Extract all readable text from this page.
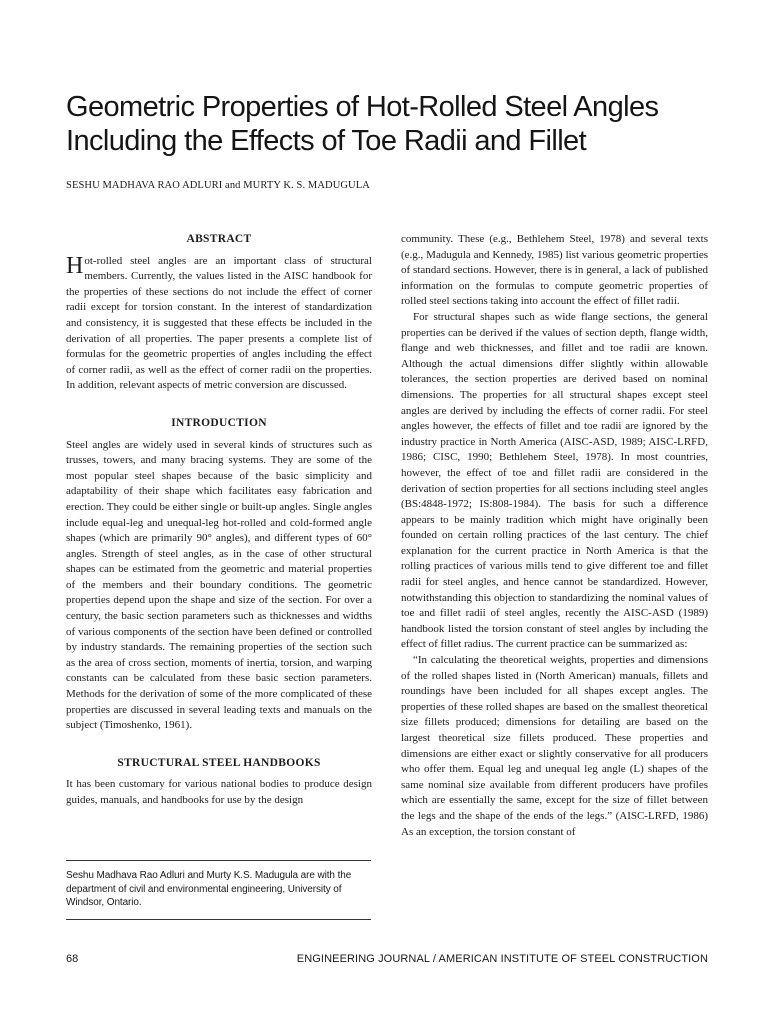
Geometric Properties of Hot-Rolled Steel Angles
Including the Effects of Toe Radii and Fillet

SESHU MADHAVA RAO ADLURI and MURTY K. S. MADUGULA

ABSTRACT

Hot-rolled steel angles are an important class of structural members. Currently, the values listed in the AISC handbook for the properties of these sections do not include the effect of corner radii except for torsion constant. In the interest of standardization and consistency, it is suggested that these effects be included in the derivation of all properties. The paper presents a complete list of formulas for the geometric properties of angles including the effect of corner radii, as well as the effect of corner radii on the properties. In addition, relevant aspects of metric conversion are discussed.

INTRODUCTION

Steel angles are widely used in several kinds of structures such as trusses, towers, and many bracing systems. They are some of the most popular steel shapes because of the basic simplicity and adaptability of their shape which facilitates easy fabrication and erection. They could be either single or built-up angles. Single angles include equal-leg and unequal-leg hot-rolled and cold-formed angle shapes (which are primarily 90° angles), and different types of 60° angles. Strength of steel angles, as in the case of other structural shapes can be estimated from the geometric and material properties of the members and their boundary conditions. The geometric properties depend upon the shape and size of the section. For over a century, the basic section parameters such as thicknesses and widths of various components of the section have been defined or controlled by industry standards. The remaining properties of the section such as the area of cross section, moments of inertia, torsion, and warping constants can be calculated from these basic section parameters. Methods for the derivation of some of the more complicated of these properties are discussed in several leading texts and manuals on the subject (Timoshenko, 1961).

STRUCTURAL STEEL HANDBOOKS

It has been customary for various national bodies to produce design guides, manuals, and handbooks for use by the design

community. These (e.g., Bethlehem Steel, 1978) and several texts (e.g., Madugula and Kennedy, 1985) list various geometric properties of standard sections. However, there is in general, a lack of published information on the formulas to compute geometric properties of rolled steel sections taking into account the effect of fillet radii.

For structural shapes such as wide flange sections, the general properties can be derived if the values of section depth, flange width, flange and web thicknesses, and fillet and toe radii are known. Although the actual dimensions differ slightly within allowable tolerances, the section properties are derived based on nominal dimensions. The properties for all structural shapes except steel angles are derived by including the effects of corner radii. For steel angles however, the effects of fillet and toe radii are ignored by the industry practice in North America (AISC-ASD, 1989; AISC-LRFD, 1986; CISC, 1990; Bethlehem Steel, 1978). In most countries, however, the effect of toe and fillet radii are considered in the derivation of section properties for all sections including steel angles (BS:4848-1972; IS:808-1984). The basis for such a difference appears to be mainly tradition which might have originally been founded on certain rolling practices of the last century. The chief explanation for the current practice in North America is that the rolling practices of various mills tend to give different toe and fillet radii for steel angles, and hence cannot be standardized. However, notwithstanding this objection to standardizing the nominal values of toe and fillet radii of steel angles, recently the AISC-ASD (1989) handbook listed the torsion constant of steel angles by including the effect of fillet radius. The current practice can be summarized as:

“In calculating the theoretical weights, properties and dimensions of the rolled shapes listed in (North American) manuals, fillets and roundings have been included for all shapes except angles. The properties of these rolled shapes are based on the smallest theoretical size fillets produced; dimensions for detailing are based on the largest theoretical size fillets produced. These properties and dimensions are either exact or slightly conservative for all producers who offer them. Equal leg and unequal leg angle (L) shapes of the same nominal size available from different producers have profiles which are essentially the same, except for the size of fillet between the legs and the shape of the ends of the legs.” (AISC-LRFD, 1986) As an exception, the torsion constant of

Seshu Madhava Rao Adluri and Murty K.S. Madugula are with the department of civil and environmental engineering, University of Windsor, Ontario.
68	ENGINEERING JOURNAL / AMERICAN INSTITUTE OF STEEL CONSTRUCTION
